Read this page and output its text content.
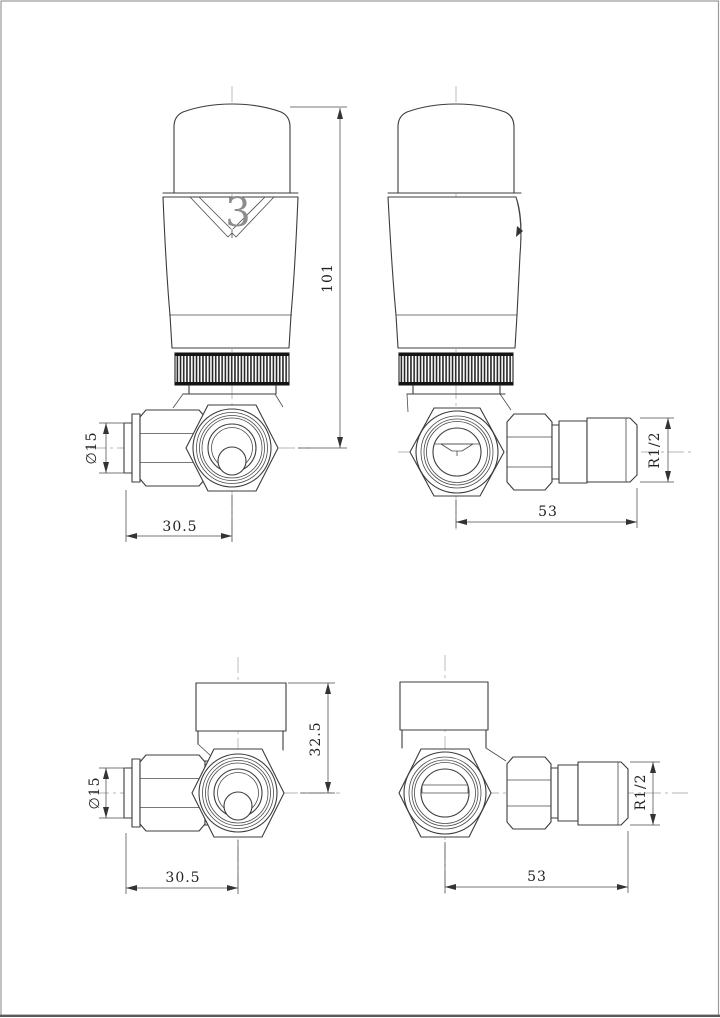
3
101
∅15
30.5
R1/2
53
32.5
∅15
30.5
R1/2
53
